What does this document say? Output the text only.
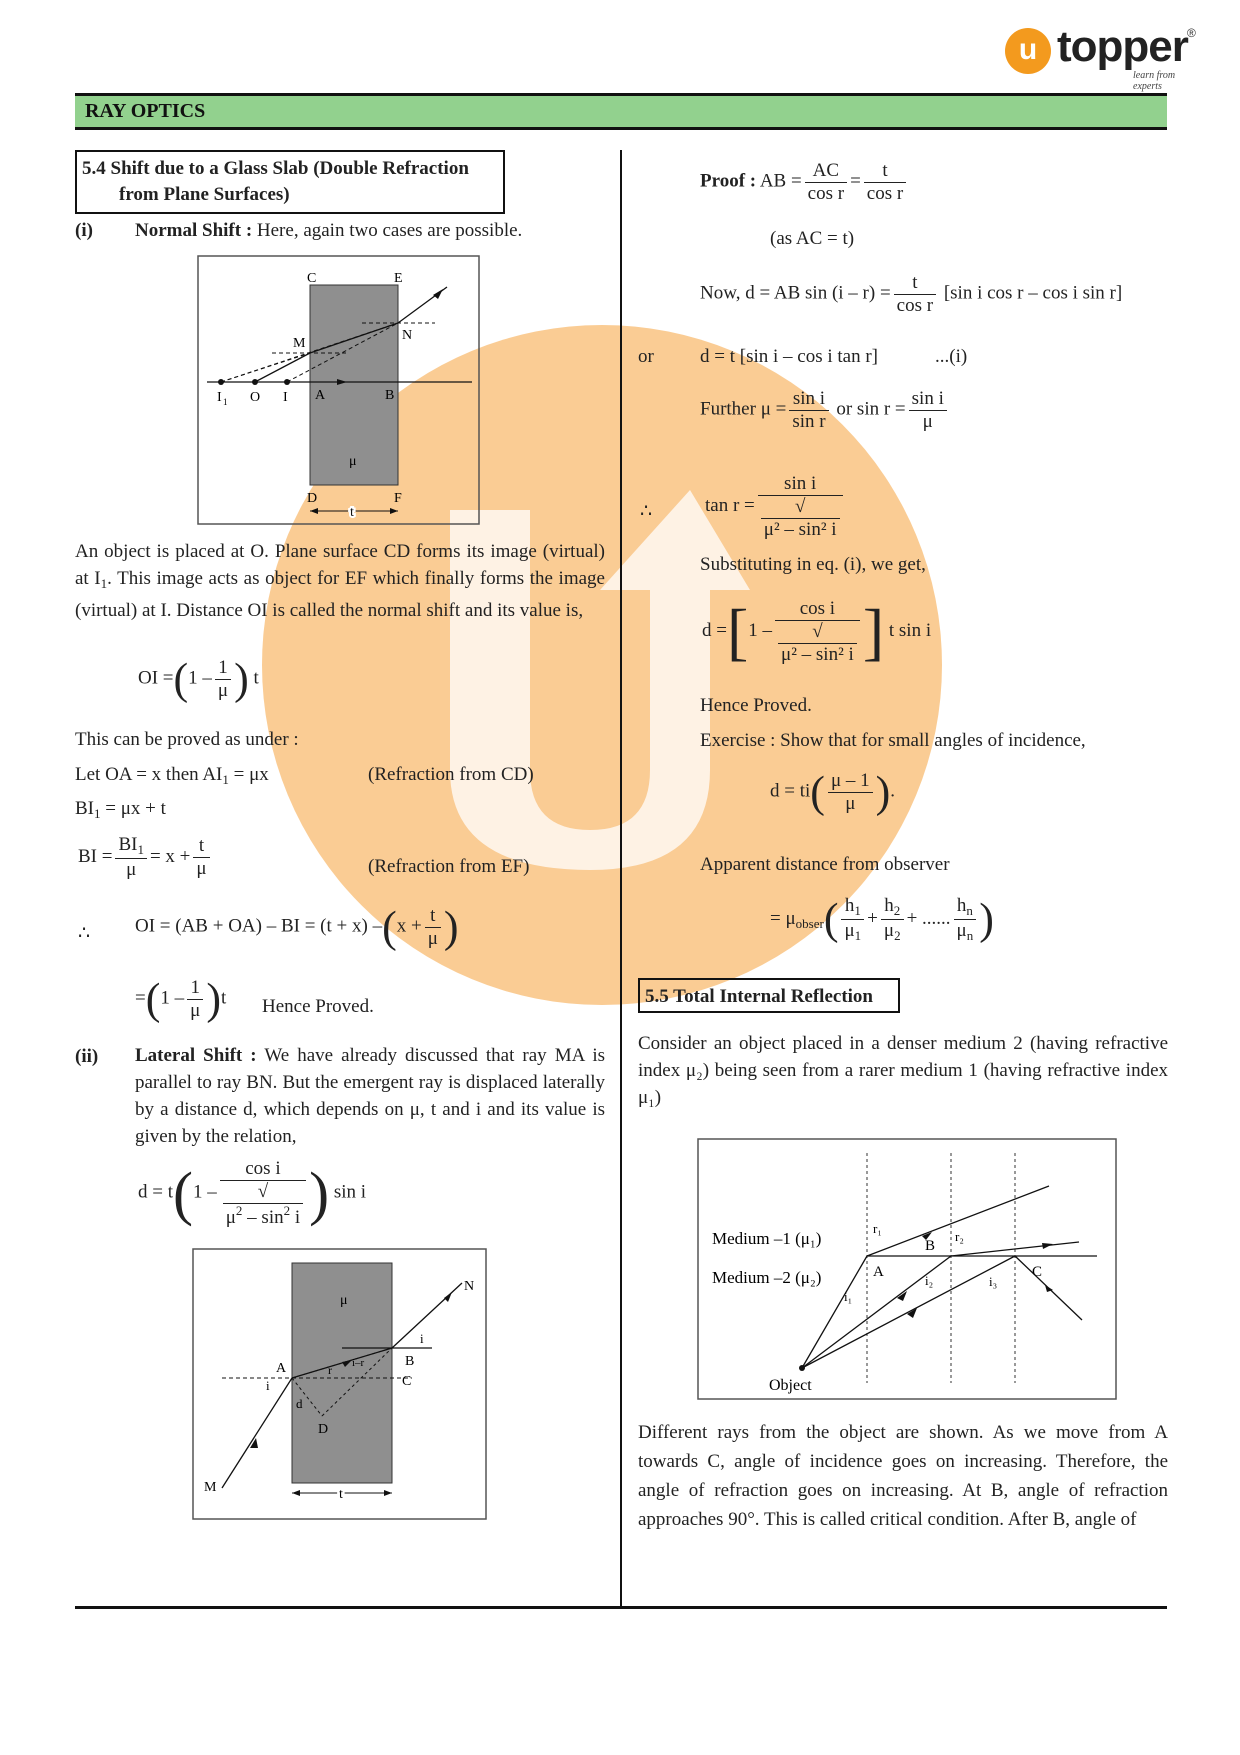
u topper
learn from experts
®
RAY OPTICS
5.4 Shift due to a Glass Slab (Double Refraction
from Plane Surfaces)
(i) Normal Shift : Here, again two cases are possible.
C	E
M
N
I 1 O I A	B
μ
D	F
t
An object is placed at O. Plane surface CD forms its image (virtual) at $I_1$. This image acts as object for EF which finally forms the image (virtual) at I. Distance OI is called the normal shift and its value is,
OI $=(1 - \frac{1}{\mu}$ ) t
This can be proved as under :
Let OA = x then $AI_1 = \mu x$	(Refraction from CD)
$BI_1 = \mu x + t$
BI = $\frac{BI_1}{\mu} = x + \frac{t}{\mu}$	(Refraction from EF)
∴ OI = (AB + OA) – BI = (t + x) $-(x + \frac{t}{\mu}$ )
$=(1 - \frac{1}{\mu} )t$ Hence Proved.
(ii) Lateral Shift : We have already discussed that ray MA is parallel to ray BN. But the emergent ray is displaced laterally by a distance d, which depends on μ, t and i and its value is given by the relation,
d = t(1 – cos i
√
$\mu^2 - \sin^2 i$ ) sin i
μ
N
i
B
A	r i–r
C
i
d
D
M	t
Proof : AB = $\frac{AC}{\text{cos r}} = \frac{t}{\text{cos r}}$
(as AC = t)
Now, d = AB $\sin (i - r) = \frac{t}{\text{cos r}} [\sin$ i cos r – cos i sin r]
or d = t [sin i – cos i tan r]	...(i)
Further $\mu = \frac{\text{sin i}}{\text{sin r}}$ or $\sin r = \frac{\text{sin i}}{\mu}$
∴	tan r = sin i
√
μ² – sin² i
Substituting in eq. (i), we get,
d =[1 – cos i
√
μ² – sin² i ] t sin i
Hence Proved.
Exercise : Show that for small angles of incidence,
$d = ti( \frac{\mu - 1}{\mu}$ ).
Apparent distance from observer
= $\mu_{obser}( \frac{h_1}{\mu_1} + \frac{h_2}{\mu_2}$ + ...... $\frac{h_n}{\mu_n}$ )
5.5 Total Internal Reflection
Consider an object placed in a denser medium 2 (having refractive index μ₂) being seen from a rarer medium 1 (having refractive index μ₁)
Medium –1 (μ₁)
Medium –2 (μ₂)
Object
A
B
C
r₁
r₂
i₁
i₂	i₃
Different rays from the object are shown. As we move from A towards C, angle of incidence goes on increasing. Therefore, the angle of refraction goes on increasing. At B, angle of refraction approaches 90°. This is called critical condition. After B, angle of
